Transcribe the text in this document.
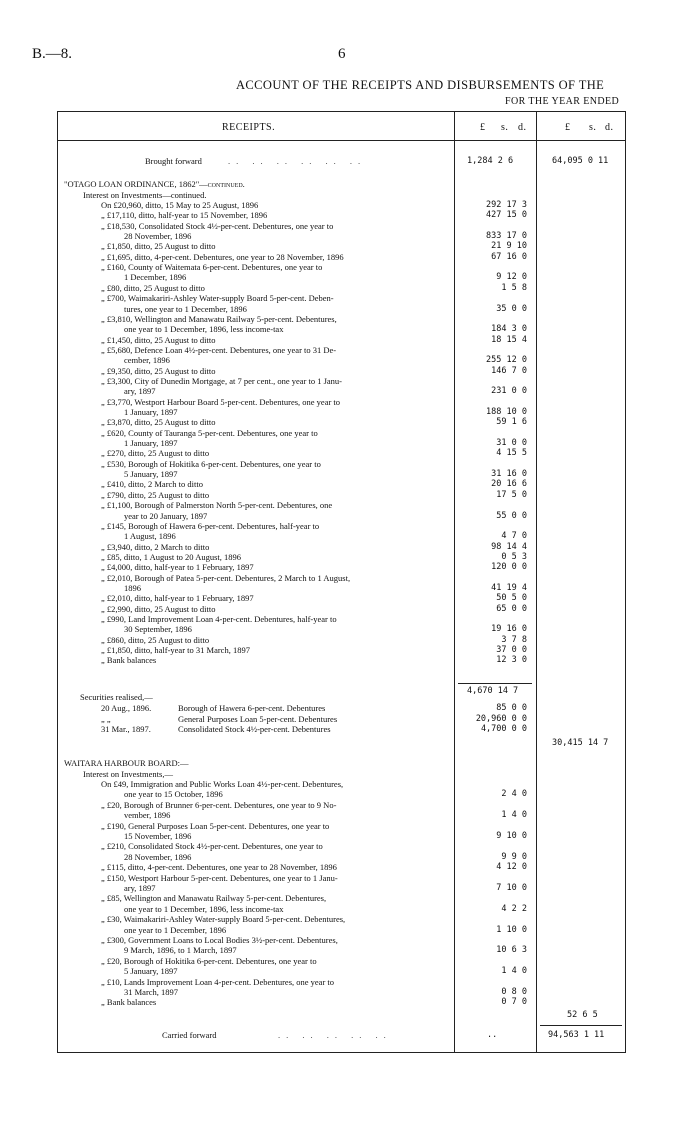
B.—8.	6
ACCOUNT OF THE RECEIPTS AND DISBURSEMENTS OF THE
FOR THE YEAR ENDED
RECEIPTS.	£ s. d.	£ s. d.
Brought forward	.. .. .. .. .. ..	1,284 2 6	64,095 0 11
"OTAGO LOAN ORDINANCE, 1862"—continued.
Interest on Investments—continued.
On £20,960, ditto, 15 May to 25 August, 1896	292 17 3
„ £17,110, ditto, half-year to 15 November, 1896	427 15 0
„ £18,530, Consolidated Stock 4½-per-cent. Debentures, one year to
28 November, 1896	833 17 0
„ £1,850, ditto, 25 August to ditto	21 9 10
„ £1,695, ditto, 4-per-cent. Debentures, one year to 28 November, 1896	67 16 0
„ £160, County of Waitemata 6-per-cent. Debentures, one year to
1 December, 1896	9 12 0
„ £80, ditto, 25 August to ditto	1 5 8
„ £700, Waimakariri-Ashley Water-supply Board 5-per-cent. Deben-
tures, one year to 1 December, 1896	35 0 0
„ £3,810, Wellington and Manawatu Railway 5-per-cent. Debentures,
one year to 1 December, 1896, less income-tax	184 3 0
„ £1,450, ditto, 25 August to ditto	18 15 4
„ £5,680, Defence Loan 4½-per-cent. Debentures, one year to 31 De-
cember, 1896	255 12 0
„ £9,350, ditto, 25 August to ditto	146 7 0
„ £3,300, City of Dunedin Mortgage, at 7 per cent., one year to 1 Janu-
ary, 1897	231 0 0
„ £3,770, Westport Harbour Board 5-per-cent. Debentures, one year to
1 January, 1897	188 10 0
„ £3,870, ditto, 25 August to ditto	59 1 6
„ £620, County of Tauranga 5-per-cent. Debentures, one year to
1 January, 1897	31 0 0
„ £270, ditto, 25 August to ditto	4 15 5
„ £530, Borough of Hokitika 6-per-cent. Debentures, one year to
5 January, 1897	31 16 0
„ £410, ditto, 2 March to ditto	20 16 6
„ £790, ditto, 25 August to ditto	17 5 0
„ £1,100, Borough of Palmerston North 5-per-cent. Debentures, one
year to 20 January, 1897	55 0 0
„ £145, Borough of Hawera 6-per-cent. Debentures, half-year to
1 August, 1896	4 7 0
„ £3,940, ditto, 2 March to ditto	98 14 4
„ £85, ditto, 1 August to 20 August, 1896	0 5 3
„ £4,000, ditto, half-year to 1 February, 1897	120 0 0
„ £2,010, Borough of Patea 5-per-cent. Debentures, 2 March to 1 August,
1896	41 19 4
„ £2,010, ditto, half-year to 1 February, 1897	50 5 0
„ £2,990, ditto, 25 August to ditto	65 0 0
„ £990, Land Improvement Loan 4-per-cent. Debentures, half-year to
30 September, 1896	19 16 0
„ £860, ditto, 25 August to ditto	3 7 8
„ £1,850, ditto, half-year to 31 March, 1897	37 0 0
„ Bank balances	12 3 0
4,670 14 7
Securities realised,—
20 Aug., 1896.	Borough of Hawera 6-per-cent. Debentures	85 0 0
„ „	General Purposes Loan 5-per-cent. Debentures	20,960 0 0
31 Mar., 1897.	Consolidated Stock 4½-per-cent. Debentures	4,700 0 0
30,415 14 7
WAITARA HARBOUR BOARD:—
Interest on Investments,—
On £49, Immigration and Public Works Loan 4½-per-cent. Debentures,
one year to 15 October, 1896	2 4 0
„ £20, Borough of Brunner 6-per-cent. Debentures, one year to 9 No-
vember, 1896	1 4 0
„ £190, General Purposes Loan 5-per-cent. Debentures, one year to
15 November, 1896	9 10 0
„ £210, Consolidated Stock 4½-per-cent. Debentures, one year to
28 November, 1896	9 9 0
„ £115, ditto, 4-per-cent. Debentures, one year to 28 November, 1896	4 12 0
„ £150, Westport Harbour 5-per-cent. Debentures, one year to 1 Janu-
ary, 1897	7 10 0
„ £85, Wellington and Manawatu Railway 5-per-cent. Debentures,
one year to 1 December, 1896, less income-tax	4 2 2
„ £30, Waimakariri-Ashley Water-supply Board 5-per-cent. Debentures,
one year to 1 December, 1896	1 10 0
„ £300, Government Loans to Local Bodies 3½-per-cent. Debentures,
9 March, 1896, to 1 March, 1897	10 6 3
„ £20, Borough of Hokitika 6-per-cent. Debentures, one year to
5 January, 1897	1 4 0
„ £10, Lands Improvement Loan 4-per-cent. Debentures, one year to
31 March, 1897	0 8 0
„ Bank balances	0 7 0
52 6 5
Carried forward	.. .. .. .. ..	..	94,563 1 11
